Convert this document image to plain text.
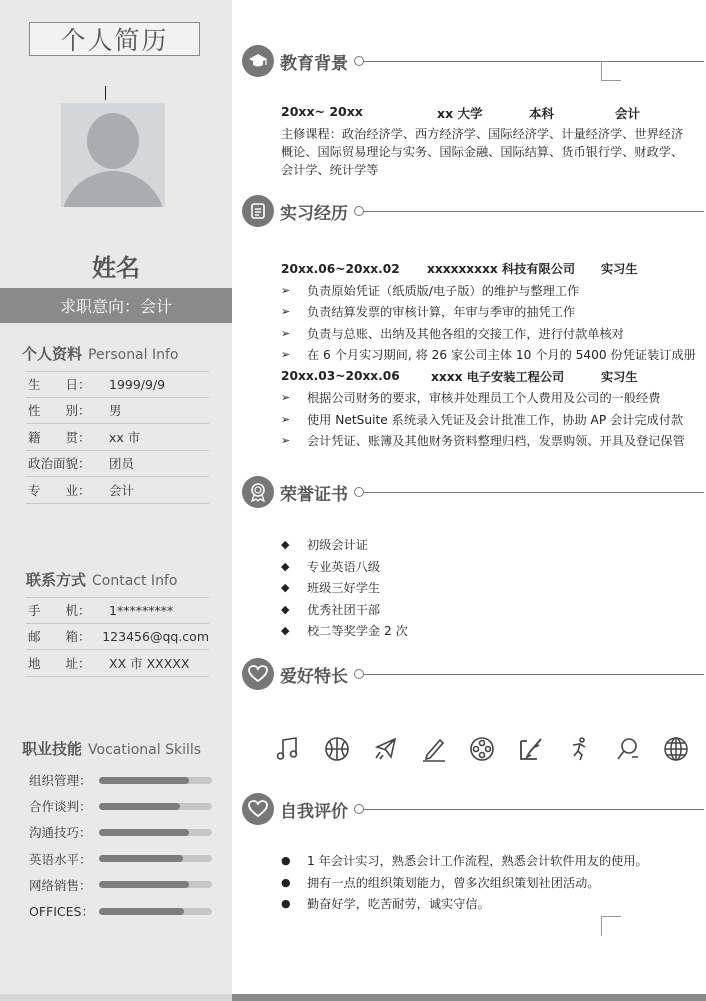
个人简历
姓名
求职意向：会计
个人资料 Personal Info
生　　日：	1999/9/9
性　　别：	男
籍　　贯：	xx 市
政治面貌：	团员
专　　业：	会计
联系方式 Contact Info
手　　机：	1*********
邮　　箱： 123456@qq.com
地　　址：	XX 市 XXXXX
职业技能 Vocational Skills
组织管理：
合作谈判：
沟通技巧：
英语水平：
网络销售：
OFFICES：
教育背景
20xx~ 20xx	xx 大学	本科	会计
主修课程：政治经济学、西方经济学、国际经济学、计量经济学、世界经济
概论、国际贸易理论与实务、国际金融、国际结算、货币银行学、财政学、
会计学、统计学等
实习经历
20xx.06~20xx.02	xxxxxxxxx 科技有限公司	实习生
➢	负责原始凭证（纸质版/电子版）的维护与整理工作
➢	负责结算发票的审核计算，年审与季审的抽凭工作
➢	负责与总账、出纳及其他各组的交接工作，进行付款单核对
➢	在 6 个月实习期间, 将 26 家公司主体 10 个月的 5400 份凭证装订成册
20xx.03~20xx.06	xxxx 电子安装工程公司	实习生
➢	根据公司财务的要求，审核并处理员工个人费用及公司的一般经费
➢	使用 NetSuite 系统录入凭证及会计批准工作，协助 AP 会计完成付款
➢	会计凭证、账簿及其他财务资料整理归档，发票购领、开具及登记保管
荣誉证书
◆	初级会计证
◆	专业英语八级
◆	班级三好学生
◆	优秀社团干部
◆	校二等奖学金 2 次
爱好特长
自我评价
●	1 年会计实习，熟悉会计工作流程，熟悉会计软件用友的使用。
●	拥有一点的组织策划能力，曾多次组织策划社团活动。
●	勤奋好学，吃苦耐劳，诚实守信。
